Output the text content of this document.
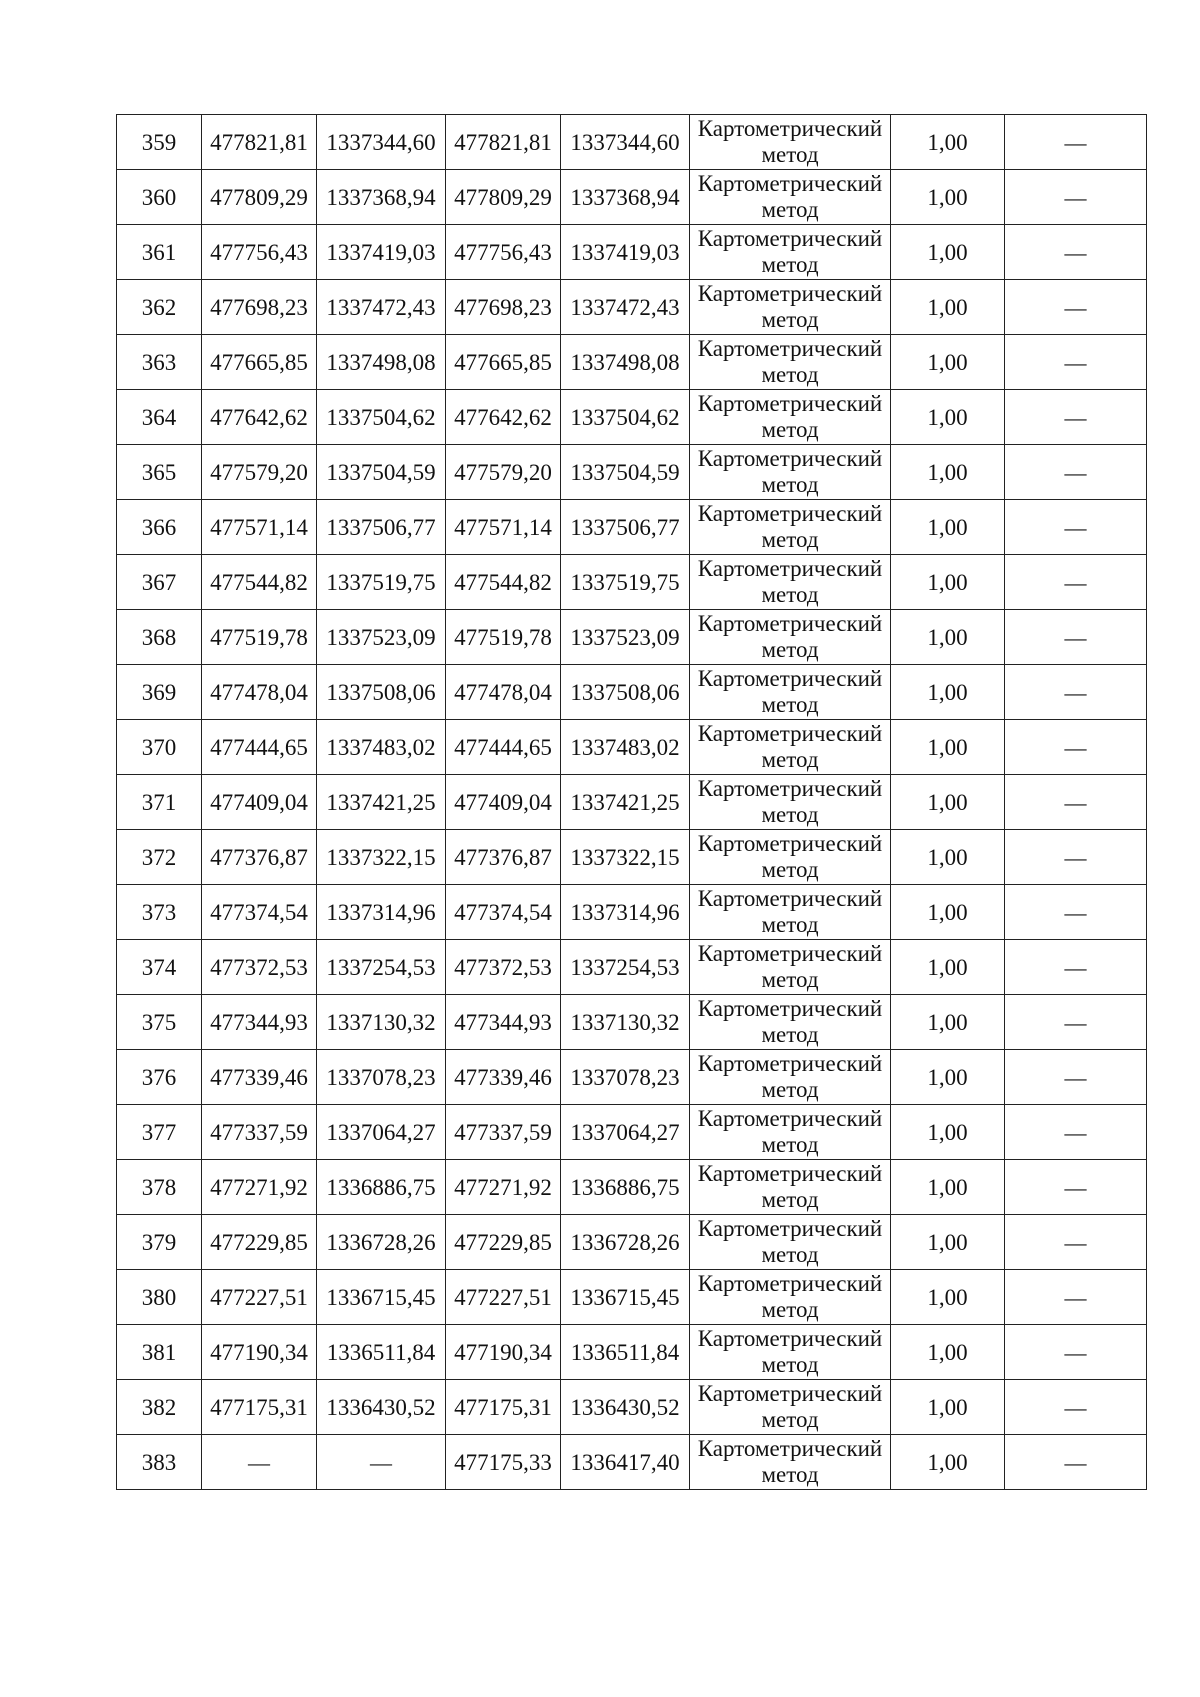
359	477821,81	1337344,60	477821,81	1337344,60	Картометрический
метод	1,00	—
360	477809,29	1337368,94	477809,29	1337368,94	Картометрический
метод	1,00	—
361	477756,43	1337419,03	477756,43	1337419,03	Картометрический
метод	1,00	—
362	477698,23	1337472,43	477698,23	1337472,43	Картометрический
метод	1,00	—
363	477665,85	1337498,08	477665,85	1337498,08	Картометрический
метод	1,00	—
364	477642,62	1337504,62	477642,62	1337504,62	Картометрический
метод	1,00	—
365	477579,20	1337504,59	477579,20	1337504,59	Картометрический
метод	1,00	—
366	477571,14	1337506,77	477571,14	1337506,77	Картометрический
метод	1,00	—
367	477544,82	1337519,75	477544,82	1337519,75	Картометрический
метод	1,00	—
368	477519,78	1337523,09	477519,78	1337523,09	Картометрический
метод	1,00	—
369	477478,04	1337508,06	477478,04	1337508,06	Картометрический
метод	1,00	—
370	477444,65	1337483,02	477444,65	1337483,02	Картометрический
метод	1,00	—
371	477409,04	1337421,25	477409,04	1337421,25	Картометрический
метод	1,00	—
372	477376,87	1337322,15	477376,87	1337322,15	Картометрический
метод	1,00	—
373	477374,54	1337314,96	477374,54	1337314,96	Картометрический
метод	1,00	—
374	477372,53	1337254,53	477372,53	1337254,53	Картометрический
метод	1,00	—
375	477344,93	1337130,32	477344,93	1337130,32	Картометрический
метод	1,00	—
376	477339,46	1337078,23	477339,46	1337078,23	Картометрический
метод	1,00	—
377	477337,59	1337064,27	477337,59	1337064,27	Картометрический
метод	1,00	—
378	477271,92	1336886,75	477271,92	1336886,75	Картометрический
метод	1,00	—
379	477229,85	1336728,26	477229,85	1336728,26	Картометрический
метод	1,00	—
380	477227,51	1336715,45	477227,51	1336715,45	Картометрический
метод	1,00	—
381	477190,34	1336511,84	477190,34	1336511,84	Картометрический
метод	1,00	—
382	477175,31	1336430,52	477175,31	1336430,52	Картометрический
метод	1,00	—
383	—	—	477175,33	1336417,40	Картометрический
метод	1,00	—
